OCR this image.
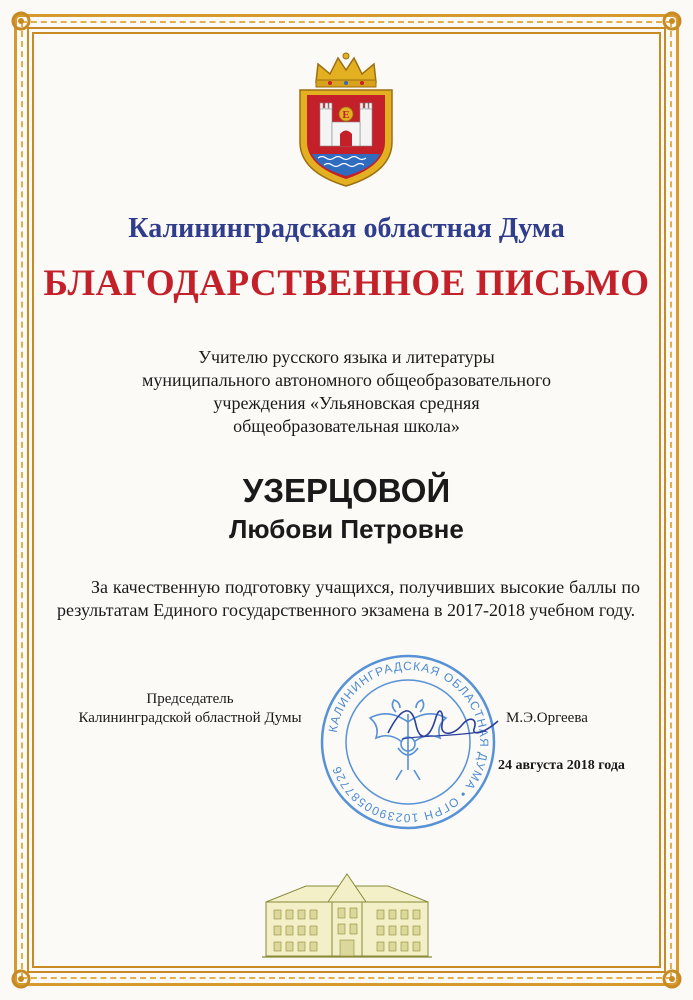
Е
Калининградская областная Дума
БЛАГОДАРСТВЕННОЕ ПИСЬМО
Учителю русского языка и литературы
муниципального автономного общеобразовательного
учреждения «Ульяновская средняя
общеобразовательная школа»
УЗЕРЦОВОЙ
Любови Петровне
За качественную подготовку учащихся, получивших высокие баллы по результатам Единого государственного экзамена в 2017-2018 учебном году.
Председатель
Калининградской областной Думы
КАЛИНИНГРАДСКАЯ ОБЛАСТНАЯ ДУМА • ОГРН 1023900587726
М.Э.Оргеева
24 августа 2018 года
